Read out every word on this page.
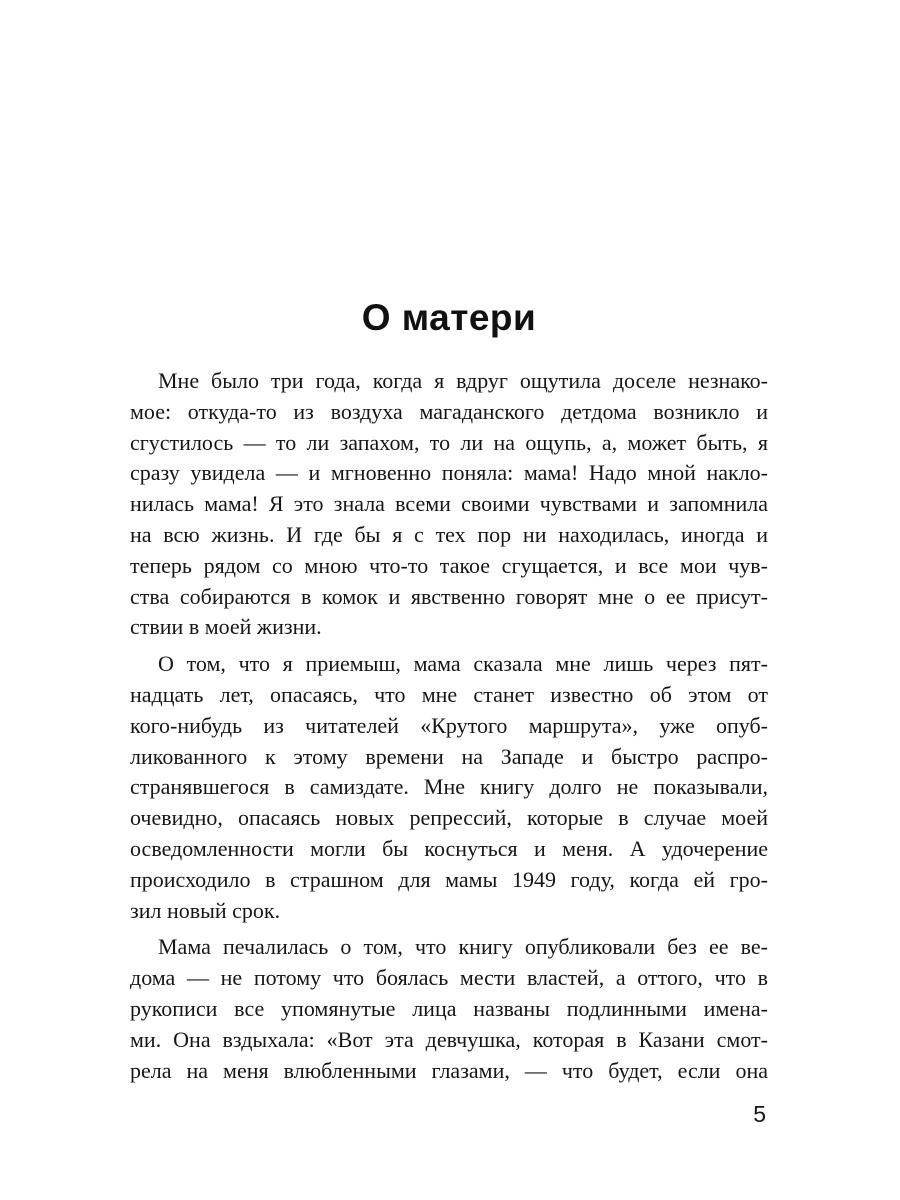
О матери

Мне было три года, когда я вдруг ощутила доселе незнако-
мое: откуда-то из воздуха магаданского детдома возникло и
сгустилось — то ли запахом, то ли на ощупь, а, может быть, я
сразу увидела — и мгновенно поняла: мама! Надо мной накло-
нилась мама! Я это знала всеми своими чувствами и запомнила
на всю жизнь. И где бы я с тех пор ни находилась, иногда и
теперь рядом со мною что-то такое сгущается, и все мои чув-
ства собираются в комок и явственно говорят мне о ее присут-
ствии в моей жизни.

О том, что я приемыш, мама сказала мне лишь через пят-
надцать лет, опасаясь, что мне станет известно об этом от
кого-нибудь из читателей «Крутого маршрута», уже опуб-
ликованного к этому времени на Западе и быстро распро-
странявшегося в самиздате. Мне книгу долго не показывали,
очевидно, опасаясь новых репрессий, которые в случае моей
осведомленности могли бы коснуться и меня. А удочерение
происходило в страшном для мамы 1949 году, когда ей гро-
зил новый срок.

Мама печалилась о том, что книгу опубликовали без ее ве-
дома — не потому что боялась мести властей, а оттого, что в
рукописи все упомянутые лица названы подлинными имена-
ми. Она вздыхала: «Вот эта девчушка, которая в Казани смот-
рела на меня влюбленными глазами, — что будет, если она

5
